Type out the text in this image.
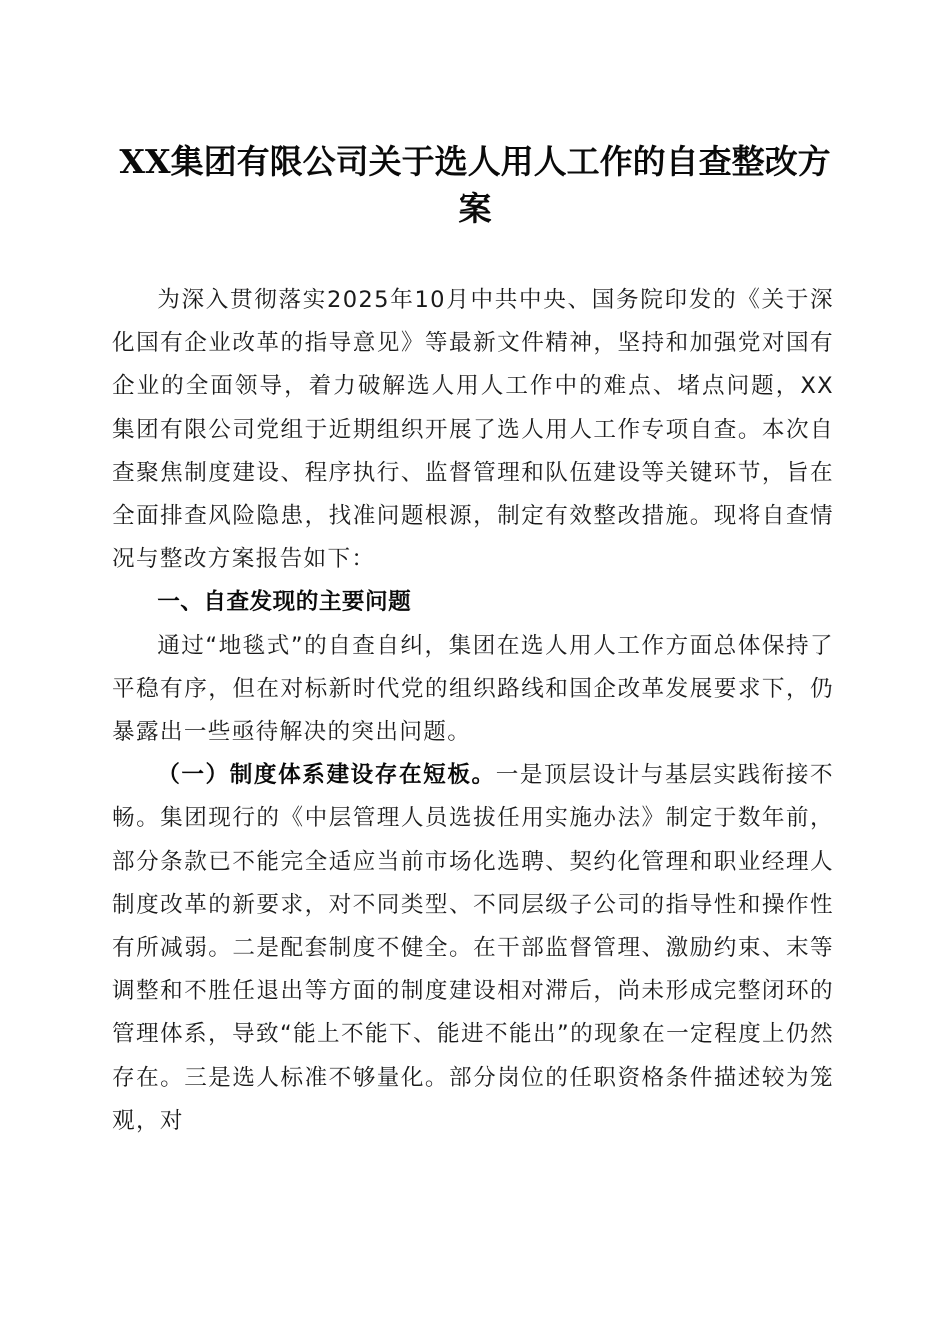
XX集团有限公司关于选人用人工作的自查整改方案

为深入贯彻落实2025年10月中共中央、国务院印发的《关于深化国有企业改革的指导意见》等最新文件精神，坚持和加强党对国有企业的全面领导，着力破解选人用人工作中的难点、堵点问题，XX集团有限公司党组于近期组织开展了选人用人工作专项自查。本次自查聚焦制度建设、程序执行、监督管理和队伍建设等关键环节，旨在全面排查风险隐患，找准问题根源，制定有效整改措施。现将自查情况与整改方案报告如下：

一、自查发现的主要问题

通过“地毯式”的自查自纠，集团在选人用人工作方面总体保持了平稳有序，但在对标新时代党的组织路线和国企改革发展要求下，仍暴露出一些亟待解决的突出问题。

（一）制度体系建设存在短板。一是顶层设计与基层实践衔接不畅。集团现行的《中层管理人员选拔任用实施办法》制定于数年前，部分条款已不能完全适应当前市场化选聘、契约化管理和职业经理人制度改革的新要求，对不同类型、不同层级子公司的指导性和操作性有所减弱。二是配套制度不健全。在干部监督管理、激励约束、末等调整和不胜任退出等方面的制度建设相对滞后，尚未形成完整闭环的管理体系，导致“能上不能下、能进不能出”的现象在一定程度上仍然存在。三是选人标准不够量化。部分岗位的任职资格条件描述较为笼观，对
